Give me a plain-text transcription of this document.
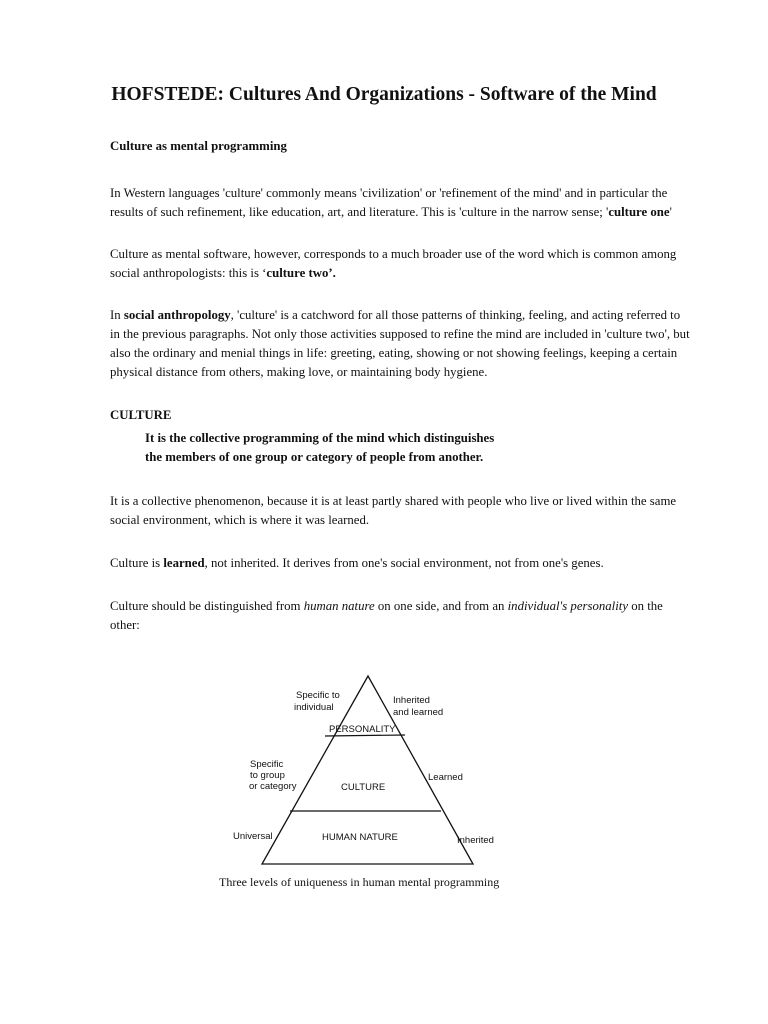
HOFSTEDE: Cultures And Organizations - Software of the Mind

Culture as mental programming

In Western languages 'culture' commonly means 'civilization' or 'refinement of the mind' and in particular the
results of such refinement, like education, art, and literature. This is 'culture in the narrow sense; 'culture one'

Culture as mental software, however, corresponds to a much broader use of the word which is common among
social anthropologists: this is ‘culture two’.

In social anthropology, 'culture' is a catchword for all those patterns of thinking, feeling, and acting referred to
in the previous paragraphs. Not only those activities supposed to refine the mind are included in 'culture two', but
also the ordinary and menial things in life: greeting, eating, showing or not showing feelings, keeping a certain
physical distance from others, making love, or maintaining body hygiene.

CULTURE

It is the collective programming of the mind which distinguishes
the members of one group or category of people from another.

It is a collective phenomenon, because it is at least partly shared with people who live or lived within the same
social environment, which is where it was learned.

Culture is learned, not inherited. It derives from one's social environment, not from one's genes.

Culture should be distinguished from human nature on one side, and from an individual's personality on the
other:

Specific to
individual
Inherited
and learned
PERSONALITY
Specific
to group
or category	CULTURE
Learned
Universal	HUMAN NATURE	Inherited
Three levels of uniqueness in human mental programming
